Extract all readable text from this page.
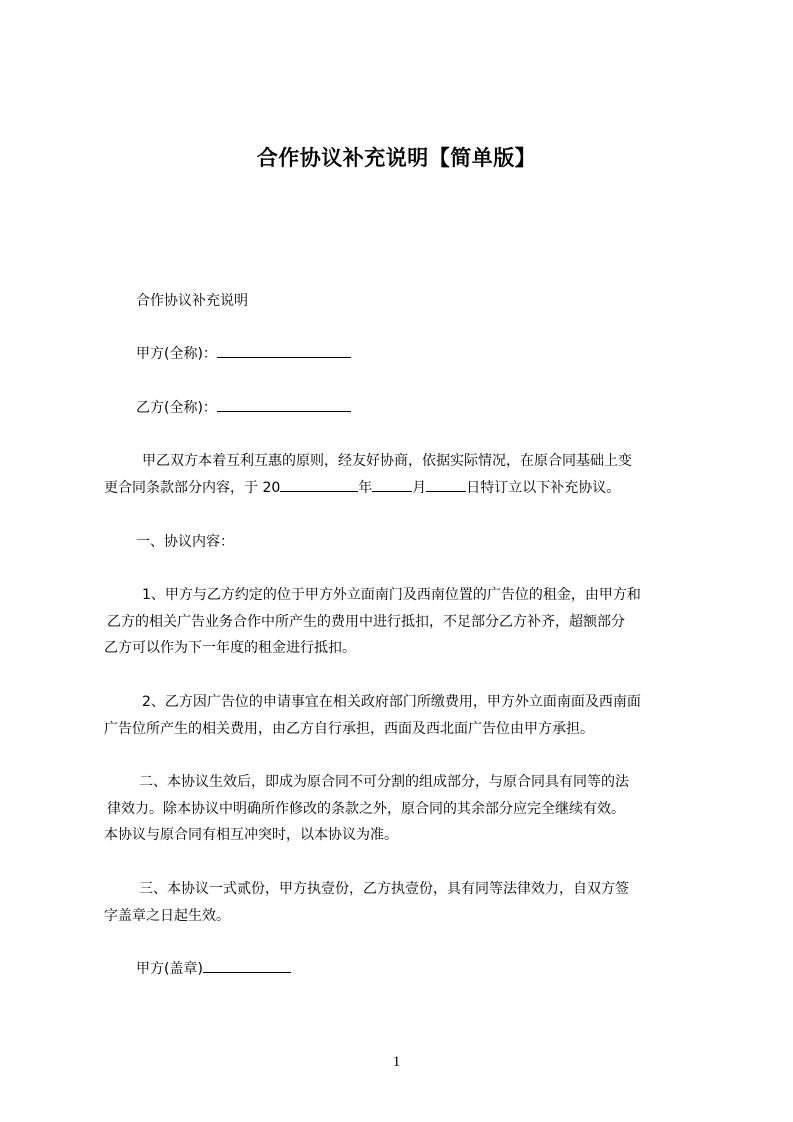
合作协议补充说明【简单版】

合作协议补充说明

甲方(全称)：

乙方(全称)：

甲乙双方本着互利互惠的原则，经友好协商，依据实际情况，在原合同基础上变

更合同条款部分内容，于 20	年	月	日特订立以下补充协议。

一、协议内容：

1、甲方与乙方约定的位于甲方外立面南门及西南位置的广告位的租金，由甲方和

乙方的相关广告业务合作中所产生的费用中进行抵扣，不足部分乙方补齐，超额部分

乙方可以作为下一年度的租金进行抵扣。

2、乙方因广告位的申请事宜在相关政府部门所缴费用，甲方外立面南面及西南面

广告位所产生的相关费用，由乙方自行承担，西面及西北面广告位由甲方承担。

二、本协议生效后，即成为原合同不可分割的组成部分，与原合同具有同等的法

律效力。除本协议中明确所作修改的条款之外，原合同的其余部分应完全继续有效。

本协议与原合同有相互冲突时，以本协议为准。

三、本协议一式贰份，甲方执壹份，乙方执壹份，具有同等法律效力，自双方签

字盖章之日起生效。

甲方(盖章)

1
